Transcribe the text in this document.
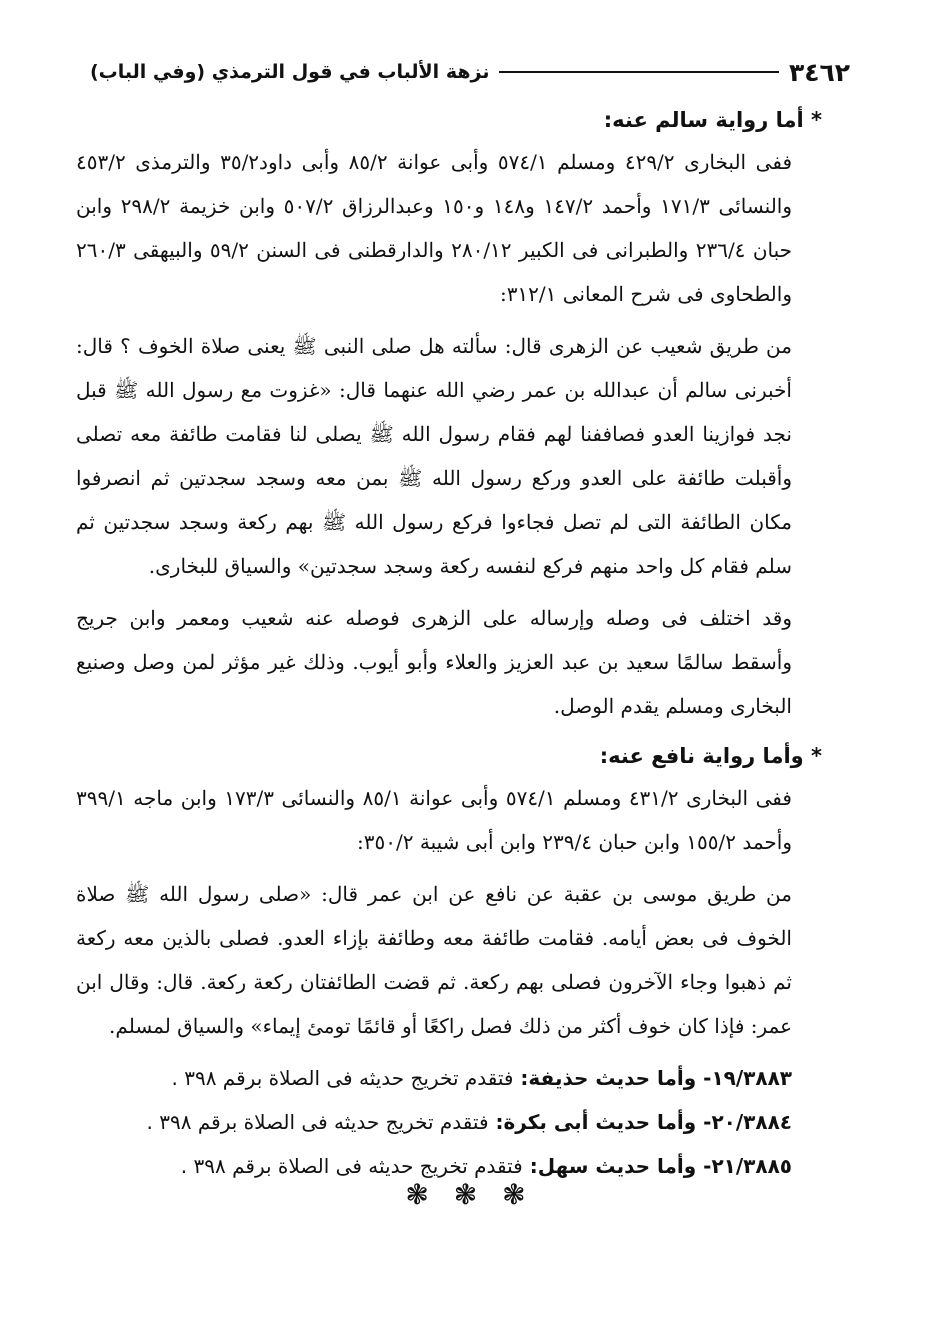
٣٤٦٢
نزهة الألباب في قول الترمذي (وفي الباب)

* أما رواية سالم عنه:

ففى البخارى ٤٢٩/٢ ومسلم ٥٧٤/١ وأبى عوانة ٨٥/٢ وأبى داود٣٥/٢ والترمذى ٤٥٣/٢ والنسائى ١٧١/٣ وأحمد ١٤٧/٢ و١٤٨ و١٥٠ وعبدالرزاق ٥٠٧/٢ وابن خزيمة ٢٩٨/٢ وابن حبان ٢٣٦/٤ والطبرانى فى الكبير ٢٨٠/١٢ والدارقطنى فى السنن ٥٩/٢ والبيهقى ٢٦٠/٣ والطحاوى فى شرح المعانى ٣١٢/١:

من طريق شعيب عن الزهرى قال: سألته هل صلى النبى ﷺ يعنى صلاة الخوف ؟ قال: أخبرنى سالم أن عبدالله بن عمر رضي الله عنهما قال: «غزوت مع رسول الله ﷺ قبل نجد فوازينا العدو فصاففنا لهم فقام رسول الله ﷺ يصلى لنا فقامت طائفة معه تصلى وأقبلت طائفة على العدو وركع رسول الله ﷺ بمن معه وسجد سجدتين ثم انصرفوا مكان الطائفة التى لم تصل فجاءوا فركع رسول الله ﷺ بهم ركعة وسجد سجدتين ثم سلم فقام كل واحد منهم فركع لنفسه ركعة وسجد سجدتين» والسياق للبخارى.

وقد اختلف فى وصله وإرساله على الزهرى فوصله عنه شعيب ومعمر وابن جريج وأسقط سالمًا سعيد بن عبد العزيز والعلاء وأبو أيوب. وذلك غير مؤثر لمن وصل وصنيع البخارى ومسلم يقدم الوصل.

* وأما رواية نافع عنه:

ففى البخارى ٤٣١/٢ ومسلم ٥٧٤/١ وأبى عوانة ٨٥/١ والنسائى ١٧٣/٣ وابن ماجه ٣٩٩/١ وأحمد ١٥٥/٢ وابن حبان ٢٣٩/٤ وابن أبى شيبة ٣٥٠/٢:

من طريق موسى بن عقبة عن نافع عن ابن عمر قال: «صلى رسول الله ﷺ صلاة الخوف فى بعض أيامه. فقامت طائفة معه وطائفة بإزاء العدو. فصلى بالذين معه ركعة ثم ذهبوا وجاء الآخرون فصلى بهم ركعة. ثم قضت الطائفتان ركعة ركعة. قال: وقال ابن عمر: فإذا كان خوف أكثر من ذلك فصل راكعًا أو قائمًا تومئ إيماء» والسياق لمسلم.

١٩/٣٨٨٣- وأما حديث حذيفة: فتقدم تخريج حديثه فى الصلاة برقم ٣٩٨ .

٢٠/٣٨٨٤- وأما حديث أبى بكرة: فتقدم تخريج حديثه فى الصلاة برقم ٣٩٨ .

٢١/٣٨٨٥- وأما حديث سهل: فتقدم تخريج حديثه فى الصلاة برقم ٣٩٨ .

❃ ❃ ❃
